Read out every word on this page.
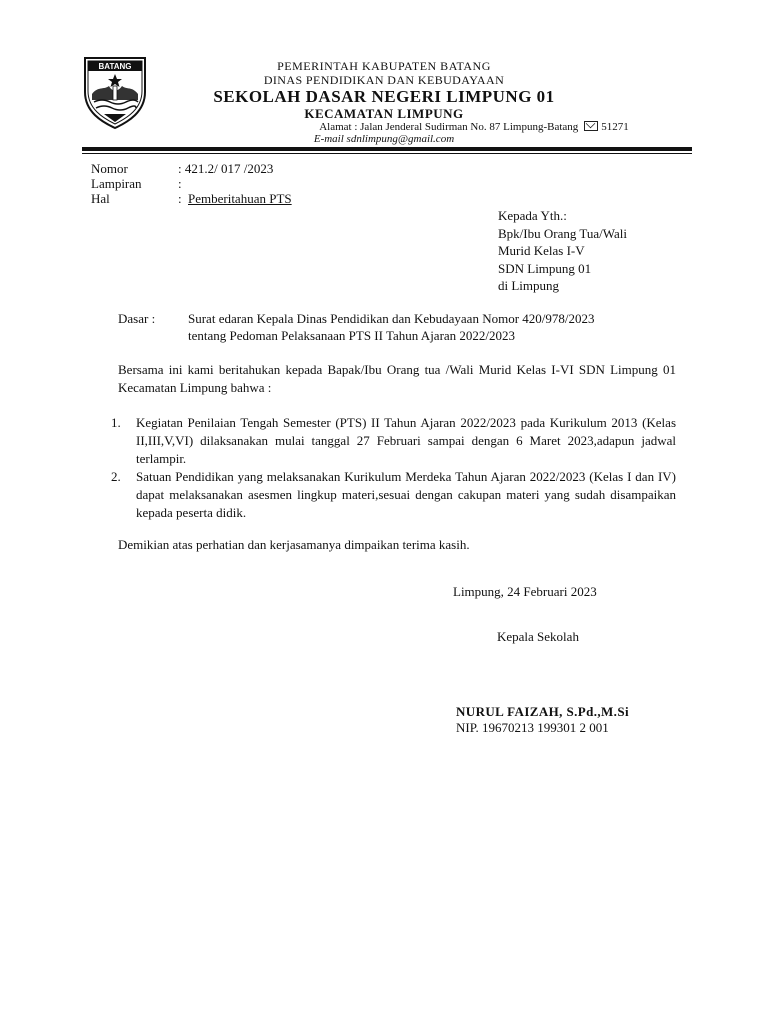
BATANG	PEMERINTAH KABUPATEN BATANG
DINAS PENDIDIKAN DAN KEBUDAYAAN
SEKOLAH DASAR NEGERI LIMPUNG 01
KECAMATAN LIMPUNG
Alamat : Jalan Jenderal Sudirman No. 87 Limpung-Batang 51271
E-mail sdnlimpung@gmail.com
Nomor	: 421.2/ 017 /2023
Lampiran	:
Hal	: Pemberitahuan PTS
Kepada Yth.:
Bpk/Ibu Orang Tua/Wali
Murid Kelas I-V
SDN Limpung 01
di Limpung
Dasar :	Surat edaran Kepala Dinas Pendidikan dan Kebudayaan Nomor 420/978/2023
tentang Pedoman Pelaksanaan PTS II Tahun Ajaran 2022/2023
Bersama ini kami beritahukan kepada Bapak/Ibu Orang tua /Wali Murid Kelas I-VI SDN Limpung 01 Kecamatan Limpung bahwa :
1.	Kegiatan Penilaian Tengah Semester (PTS) II Tahun Ajaran 2022/2023 pada Kurikulum 2013 (Kelas II,III,V,VI) dilaksanakan mulai tanggal 27 Februari sampai dengan 6 Maret 2023,adapun jadwal terlampir.
2.	Satuan Pendidikan yang melaksanakan Kurikulum Merdeka Tahun Ajaran 2022/2023 (Kelas I dan IV) dapat melaksanakan asesmen lingkup materi,sesuai dengan cakupan materi yang sudah disampaikan kepada peserta didik.
Demikian atas perhatian dan kerjasamanya dimpaikan terima kasih.
Limpung, 24 Februari 2023
Kepala Sekolah
NURUL FAIZAH, S.Pd.,M.Si
NIP. 19670213 199301 2 001
